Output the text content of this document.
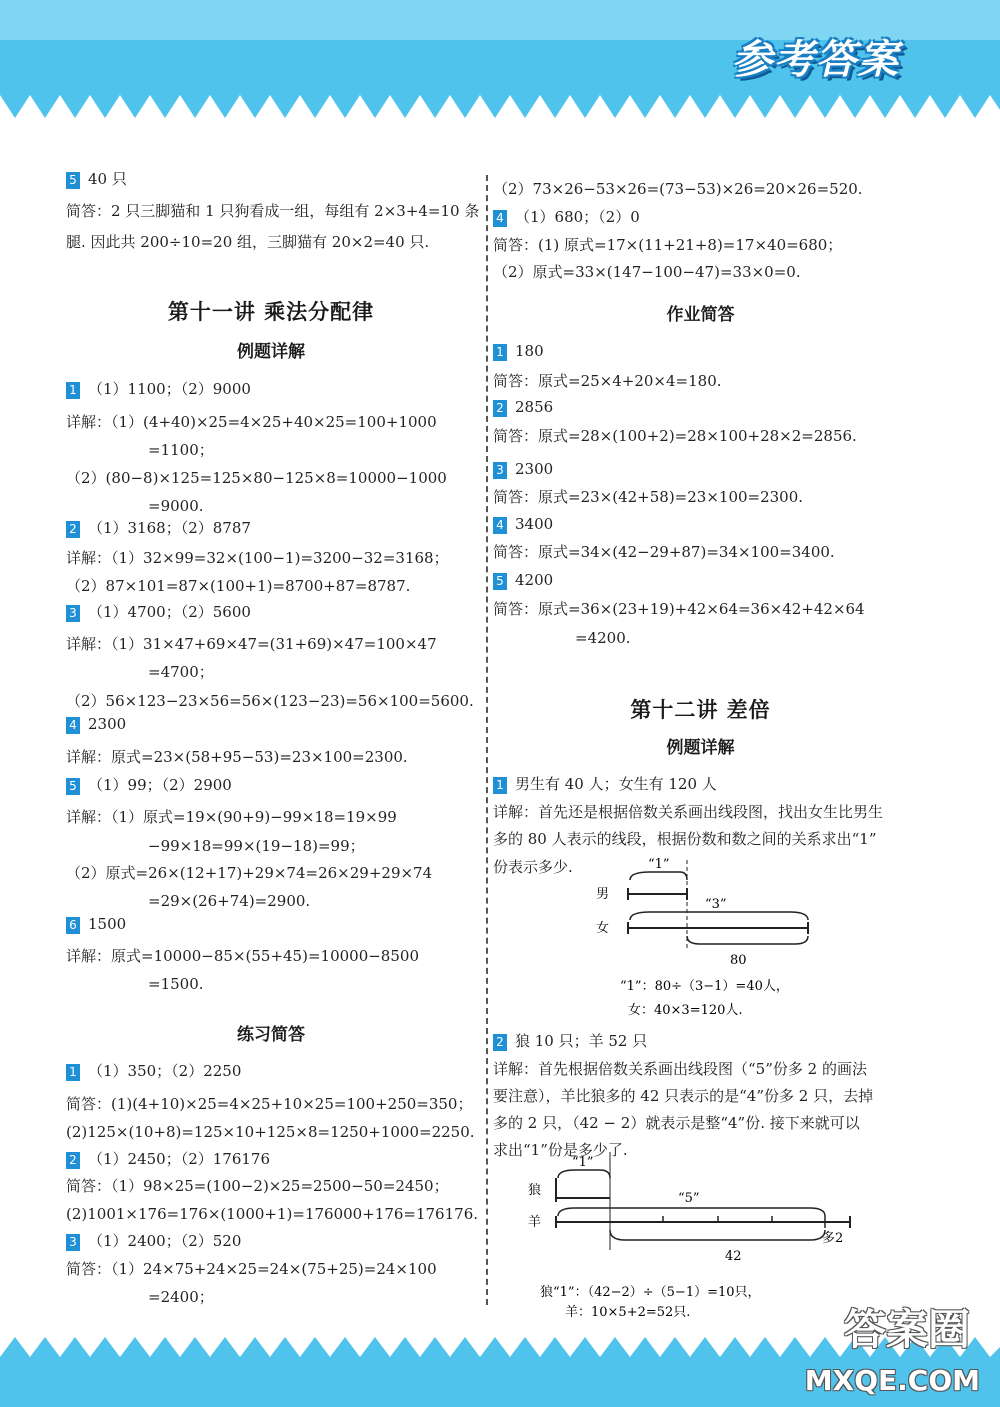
参考答案
答案圈
MXQE.COM
5 40 只
简答：2 只三脚猫和 1 只狗看成一组，每组有 2×3+4=10 条
腿. 因此共 200÷10=20 组，三脚猫有 20×2=40 只.
第十一讲 乘法分配律
例题详解
1 （1）1100；（2）9000
详解：（1）(4+40)×25=4×25+40×25=100+1000
=1100；
（2）(80−8)×125=125×80−125×8=10000−1000
=9000.
2 （1）3168；（2）8787
详解：（1）32×99=32×(100−1)=3200−32=3168；
（2）87×101=87×(100+1)=8700+87=8787.
3 （1）4700；（2）5600
详解：（1）31×47+69×47=(31+69)×47=100×47
=4700；
（2）56×123−23×56=56×(123−23)=56×100=5600.
4 2300
详解：原式=23×(58+95−53)=23×100=2300.
5 （1）99；（2）2900
详解：（1）原式=19×(90+9)−99×18=19×99
−99×18=99×(19−18)=99；
（2）原式=26×(12+17)+29×74=26×29+29×74
=29×(26+74)=2900.
6 1500
详解：原式=10000−85×(55+45)=10000−8500
=1500.
练习简答
1 （1）350；（2）2250
简答：(1)(4+10)×25=4×25+10×25=100+250=350；
(2)125×(10+8)=125×10+125×8=1250+1000=2250.
2 （1）2450；（2）176176
简答：（1）98×25=(100−2)×25=2500−50=2450；
(2)1001×176=176×(1000+1)=176000+176=176176.
3 （1）2400；（2）520
简答：（1）24×75+24×25=24×(75+25)=24×100
=2400；
（2）73×26−53×26=(73−53)×26=20×26=520.
4 （1）680；（2）0
简答：(1) 原式=17×(11+21+8)=17×40=680；
（2）原式=33×(147−100−47)=33×0=0.
作业简答
1 180
简答：原式=25×4+20×4=180.
2 2856
简答：原式=28×(100+2)=28×100+28×2=2856.
3 2300
简答：原式=23×(42+58)=23×100=2300.
4 3400
简答：原式=34×(42−29+87)=34×100=3400.
5 4200
简答：原式=36×(23+19)+42×64=36×42+42×64
=4200.
第十二讲 差倍
例题详解
1 男生有 40 人；女生有 120 人
详解：首先还是根据倍数关系画出线段图，找出女生比男生
多的 80 人表示的线段，根据份数和数之间的关系求出“1”
份表示多少.
2 狼 10 只；羊 52 只
详解：首先根据倍数关系画出线段图（“5”份多 2 的画法
要注意），羊比狼多的 42 只表示的是“4”份多 2 只，去掉
多的 2 只，（42 − 2）就表示是整“4”份. 接下来就可以
求出“1”份是多少了.
“1”
男
“3”
女
80
“1”：80÷（3−1）=40人，
女：40×3=120人.
“1”
狼
“5”
羊
多2
42
狼“1”：（42−2）÷（5−1）=10只，
羊：10×5+2=52只.
